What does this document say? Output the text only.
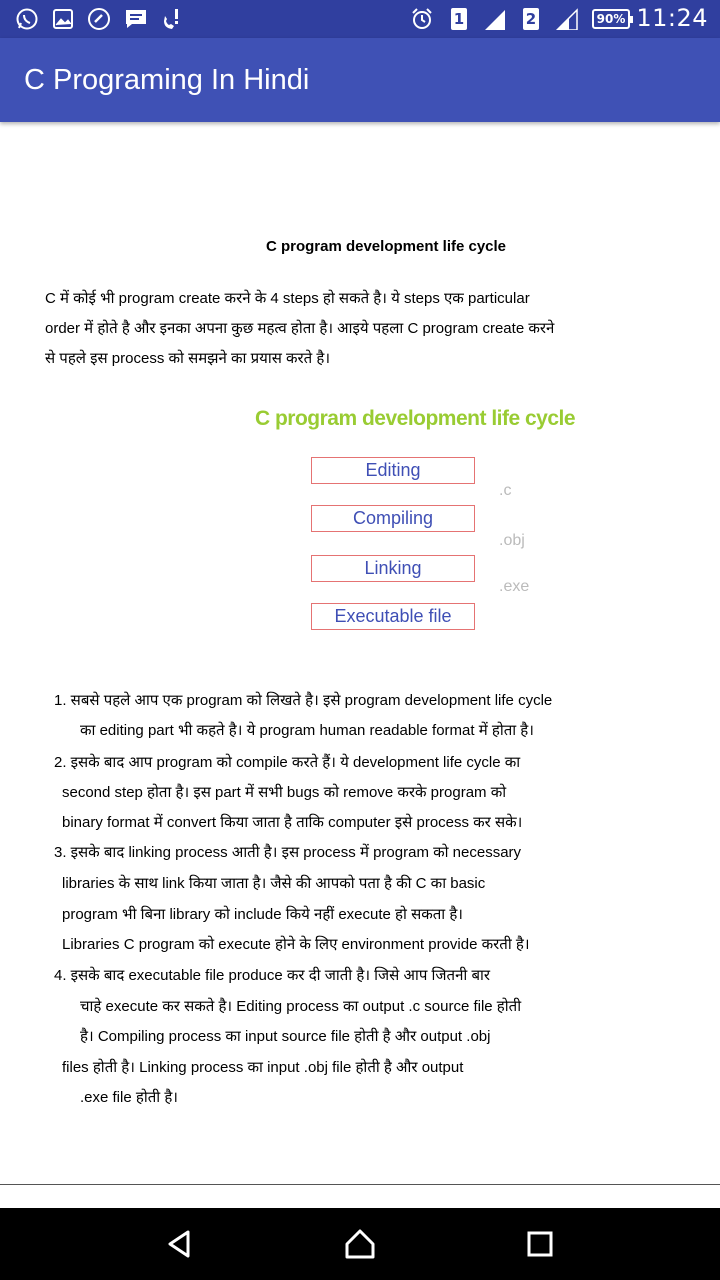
1	2	90% 11:24
C Programing In Hindi
C program development life cycle
C में कोई भी program create करने के 4 steps हो सकते है। ये steps एक particular
order में होते है और इनका अपना कुछ महत्व होता है। आइये पहला C program create करने
से पहले इस process को समझने का प्रयास करते है।
C program development life cycle
Editing
Compiling
Linking
Executable file
.c
.obj
.exe
1. सबसे पहले आप एक program को लिखते है। इसे program development life cycle
का editing part भी कहते है। ये program human readable format में होता है।
2. इसके बाद आप program को compile करते हैं। ये development life cycle का
second step होता है। इस part में सभी bugs को remove करके program को
binary format में convert किया जाता है ताकि computer इसे process कर सके।
3. इसके बाद linking process आती है। इस process में program को necessary
libraries के साथ link किया जाता है। जैसे की आपको पता है की C का basic
program भी बिना library को include किये नहीं execute हो सकता है।
Libraries C program को execute होने के लिए environment provide करती है।
4. इसके बाद executable file produce कर दी जाती है। जिसे आप जितनी बार
चाहे execute कर सकते है। Editing process का output .c source file होती
है। Compiling process का input source file होती है और output .obj
files होती है। Linking process का input .obj file होती है और output
.exe file होती है।
